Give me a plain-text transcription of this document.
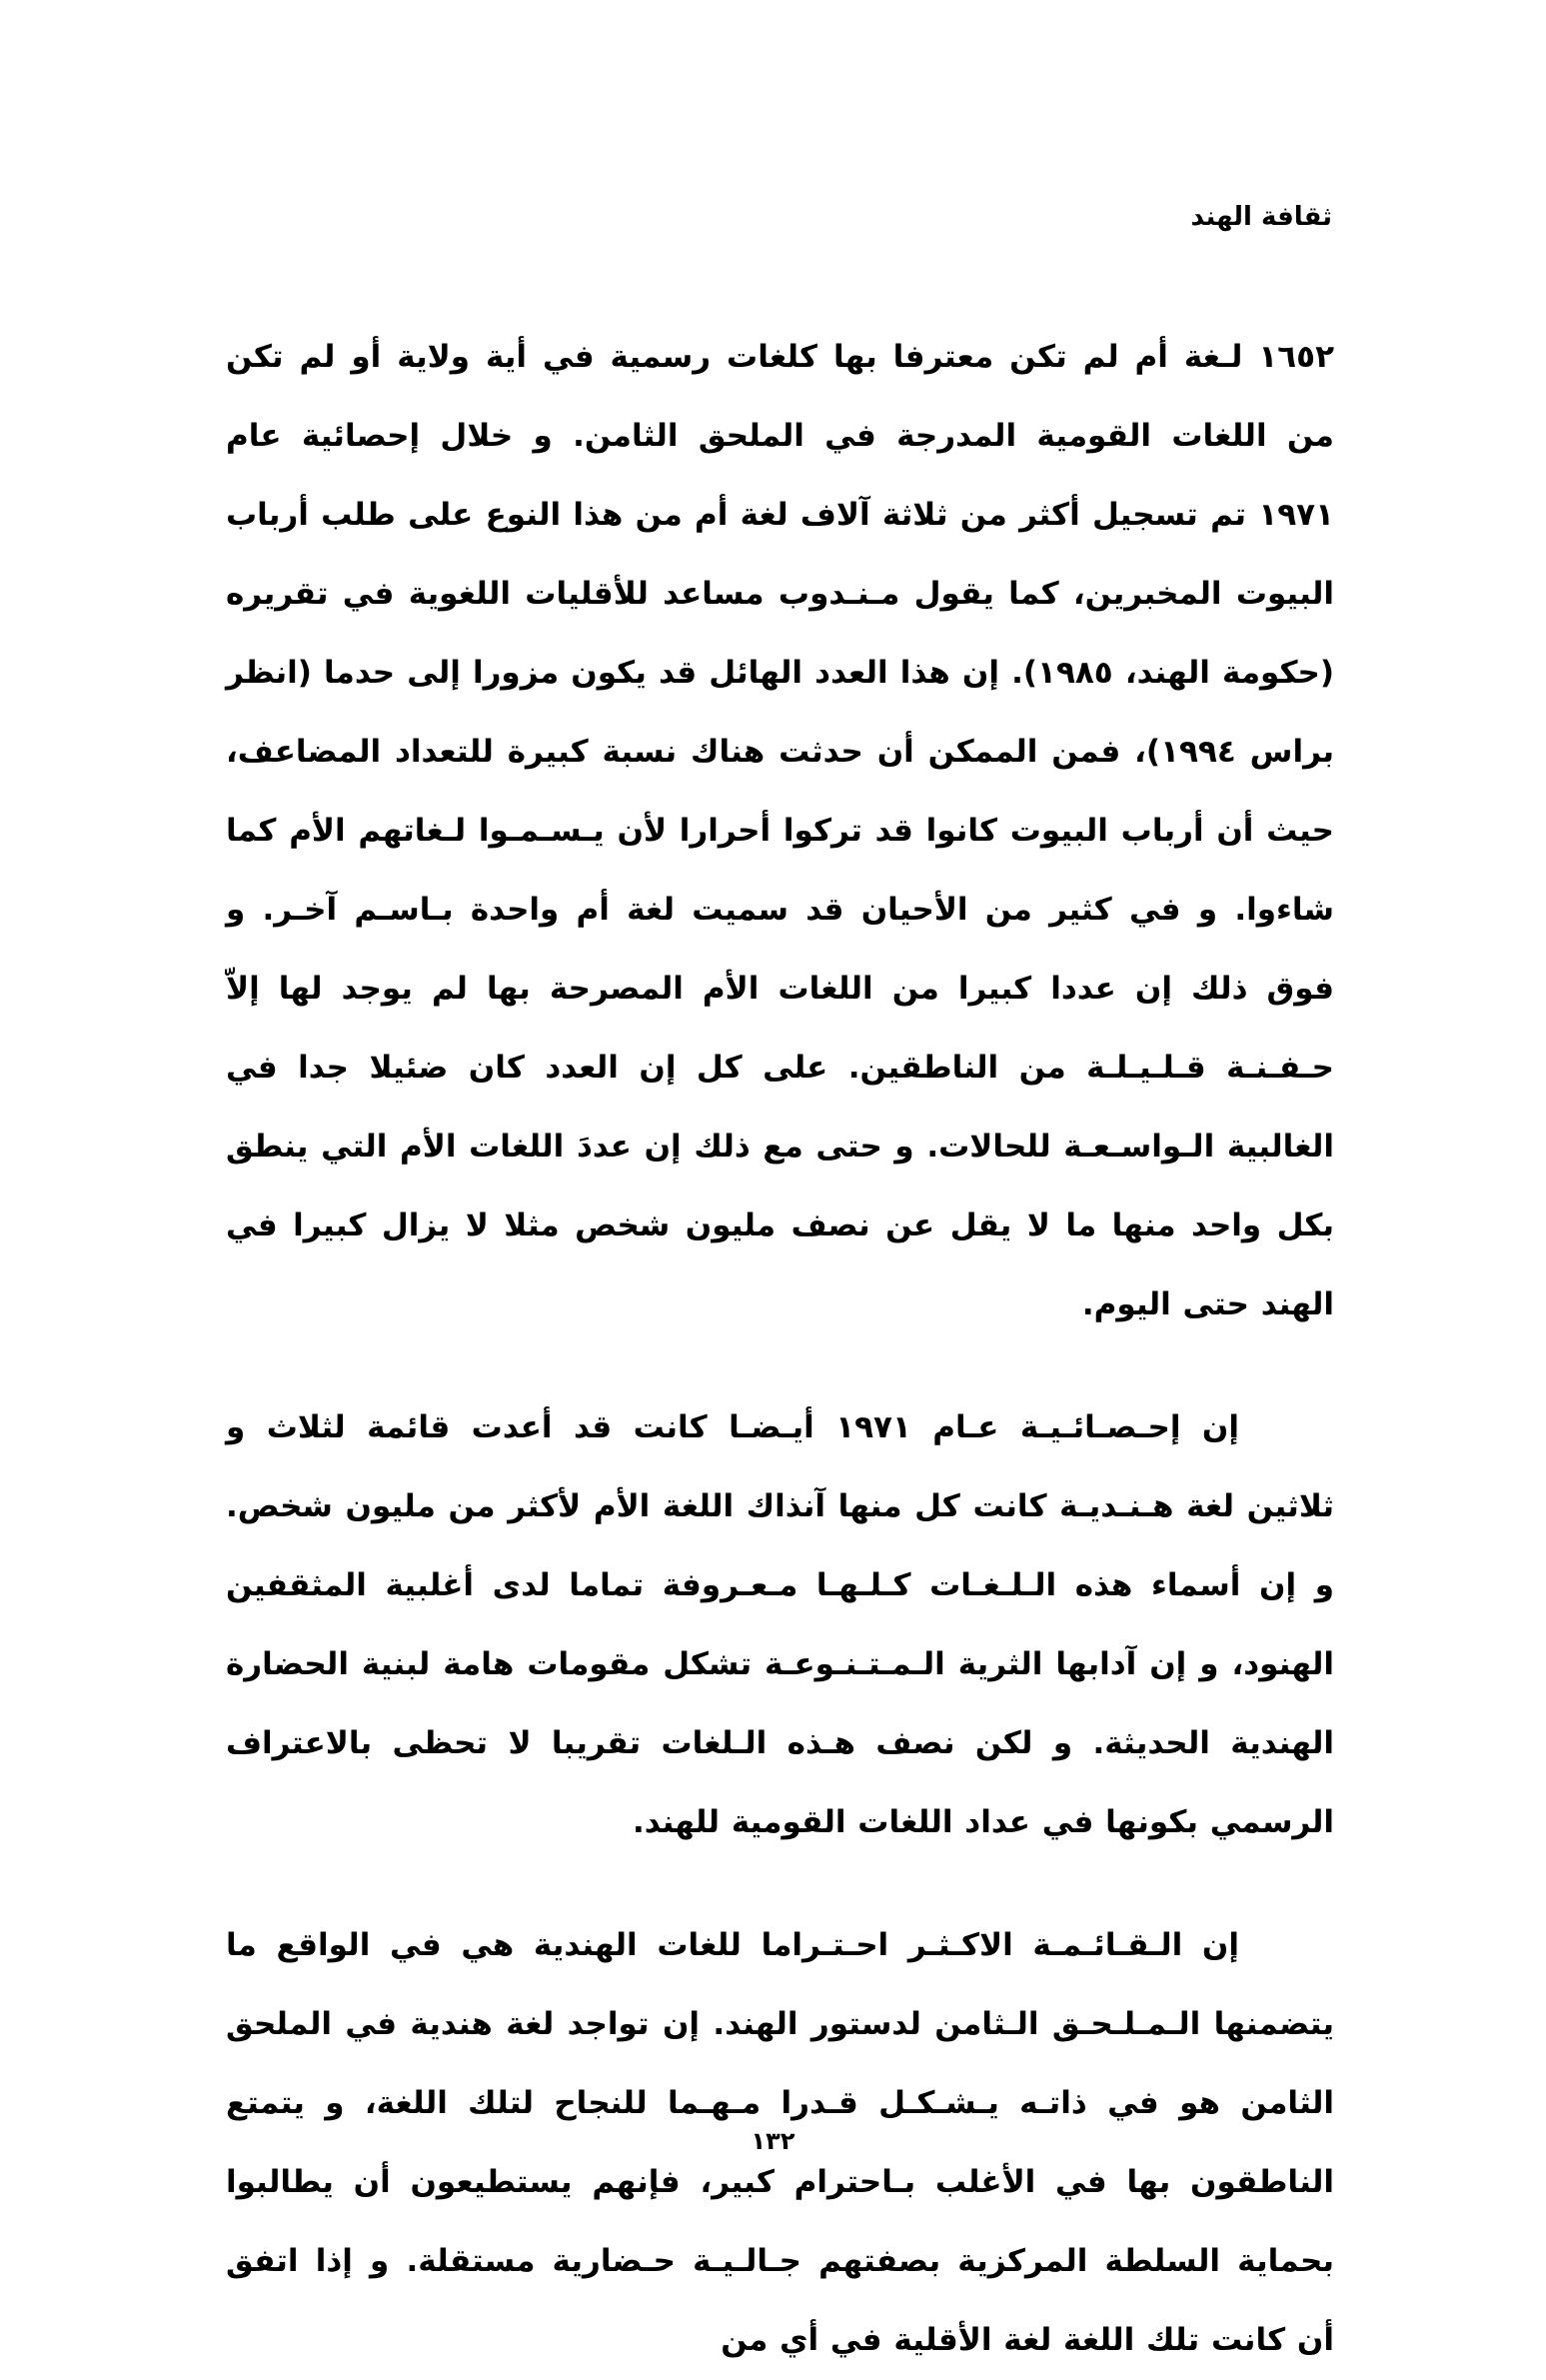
ثقافة الهند

١٦٥٢ لـغة أم لم تكن معترفا بها كلغات رسمية في أية ولاية أو لم تكن من اللغات القومية المدرجة في الملحق الثامن. و خلال إحصائية عام ١٩٧١ تم تسجيل أكثر من ثلاثة آلاف لغة أم من هذا النوع على طلب أرباب البيوت المخبرين، كما يقول مـنـدوب مساعد للأقليات اللغوية في تقريره (حكومة الهند، ١٩٨٥). إن هذا العدد الهائل قد يكون مزورا إلى حدما (انظر براس ١٩٩٤)، فمن الممكن أن حدثت هناك نسبة كبيرة للتعداد المضاعف، حيث أن أرباب البيوت كانوا قد تركوا أحرارا لأن يـسـمـوا لـغاتهم الأم كما شاءوا. و في كثير من الأحيان قد سميت لغة أم واحدة بـاسـم آخـر. و فوق ذلك إن عددا كبيرا من اللغات الأم المصرحة بها لم يوجد لها إلاّ حـفـنـة قـلـيـلـة من الناطقين. على كل إن العدد كان ضئيلا جدا في الغالبية الـواسـعـة للحالات. و حتى مع ذلك إن عددَ اللغات الأم التي ينطق بكل واحد منها ما لا يقل عن نصف مليون شخص مثلا لا يزال كبيرا في الهند حتى اليوم.

إن إحـصـائـيـة عـام ١٩٧١ أيـضـا كانت قد أعدت قائمة لثلاث و ثلاثين لغة هـنـديـة كانت كل منها آنذاك اللغة الأم لأكثر من مليون شخص. و إن أسماء هذه الـلـغـات كـلـهـا مـعـروفة تماما لدى أغلبية المثقفين الهنود، و إن آدابها الثرية الـمـتـنـوعـة تشكل مقومات هامة لبنية الحضارة الهندية الحديثة. و لكن نصف هـذه الـلغات تقريبا لا تحظى بالاعتراف الرسمي بكونها في عداد اللغات القومية للهند.

إن الـقـائـمـة الاكـثـر احـتـراما للغات الهندية هي في الواقع ما يتضمنها الـمـلـحـق الـثامن لدستور الهند. إن تواجد لغة هندية في الملحق الثامن هو في ذاتـه يـشـكـل قـدرا مـهـما للنجاح لتلك اللغة، و يتمتع الناطقون بها في الأغلب بـاحترام كبير، فإنهم يستطيعون أن يطالبوا بحماية السلطة المركزية بصفتهم جـالـيـة حـضارية مستقلة. و إذا اتفق أن كانت تلك اللغة لغة الأقلية في أي من

١٣٢
